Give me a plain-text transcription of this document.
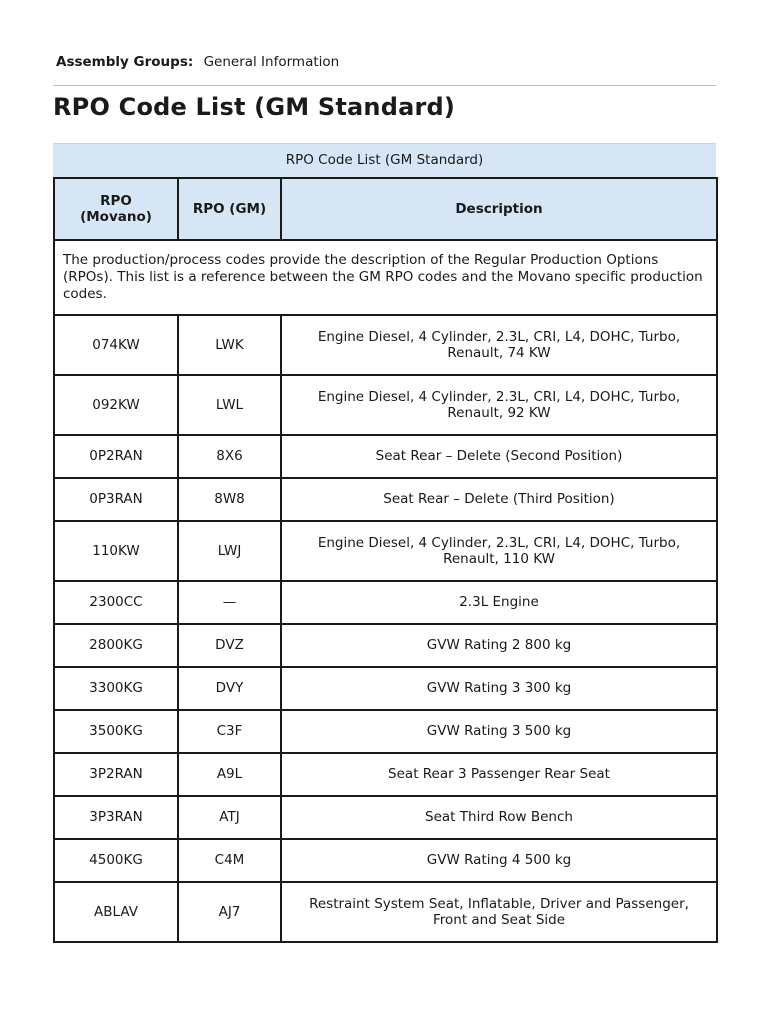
Assembly Groups: General Information
RPO Code List (GM Standard)
RPO Code List (GM Standard)
RPO
(Movano)	RPO (GM)	Description
The production/process codes provide the description of the Regular Production Options (RPOs). This list is a reference between the GM RPO codes and the Movano specific production codes.		
074KW	LWK	Engine Diesel, 4 Cylinder, 2.3L, CRI, L4, DOHC, Turbo, Renault, 74 KW
092KW	LWL	Engine Diesel, 4 Cylinder, 2.3L, CRI, L4, DOHC, Turbo, Renault, 92 KW
0P2RAN	8X6	Seat Rear – Delete (Second Position)
0P3RAN	8W8	Seat Rear – Delete (Third Position)
110KW	LWJ	Engine Diesel, 4 Cylinder, 2.3L, CRI, L4, DOHC, Turbo, Renault, 110 KW
2300CC	—	2.3L Engine
2800KG	DVZ	GVW Rating 2 800 kg
3300KG	DVY	GVW Rating 3 300 kg
3500KG	C3F	GVW Rating 3 500 kg
3P2RAN	A9L	Seat Rear 3 Passenger Rear Seat
3P3RAN	ATJ	Seat Third Row Bench
4500KG	C4M	GVW Rating 4 500 kg
ABLAV	AJ7	Restraint System Seat, Inflatable, Driver and Passenger, Front and Seat Side
